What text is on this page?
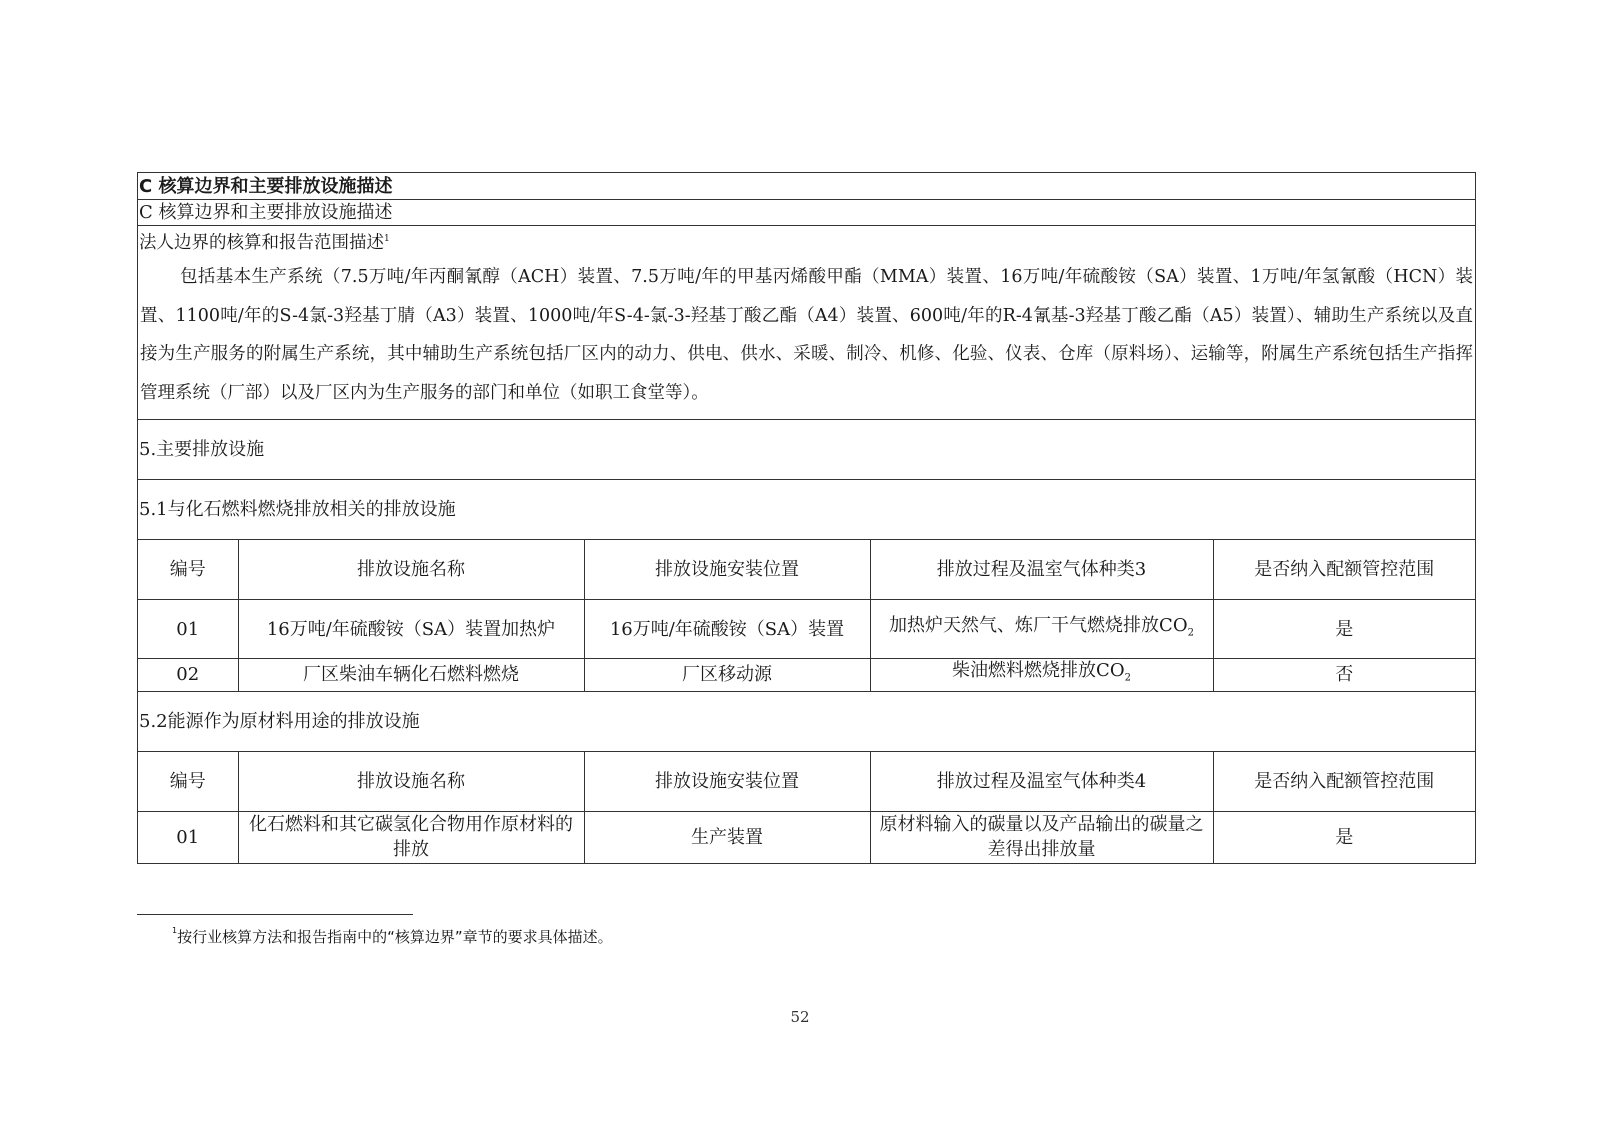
C 核算边界和主要排放设施描述
C 核算边界和主要排放设施描述
法人边界的核算和报告范围描述$^1$
包括基本生产系统（7.5万吨/年丙酮氰醇（ACH）装置、7.5万吨/年的甲基丙烯酸甲酯（MMA）装置、16万吨/年硫酸铵（SA）装置、1万吨/年氢氰酸（HCN）装置、1100吨/年的S-4氯-3羟基丁腈（A3）装置、1000吨/年S-4-氯-3-羟基丁酸乙酯（A4）装置、600吨/年的R-4氰基-3羟基丁酸乙酯（A5）装置）、辅助生产系统以及直接为生产服务的附属生产系统，其中辅助生产系统包括厂区内的动力、供电、供水、采暖、制冷、机修、化验、仪表、仓库（原料场）、运输等，附属生产系统包括生产指挥管理系统（厂部）以及厂区内为生产服务的部门和单位（如职工食堂等）。
5.主要排放设施
5.1与化石燃料燃烧排放相关的排放设施
编号	排放设施名称	排放设施安装位置	排放过程及温室气体种类3	是否纳入配额管控范围
01	16万吨/年硫酸铵（SA）装置加热炉	16万吨/年硫酸铵（SA）装置	加热炉天然气、炼厂干气燃烧排放$CO_2$	是
02	厂区柴油车辆化石燃料燃烧	厂区移动源	柴油燃料燃烧排放$CO_2$	否
5.2能源作为原材料用途的排放设施
编号	排放设施名称	排放设施安装位置	排放过程及温室气体种类4	是否纳入配额管控范围
01	化石燃料和其它碳氢化合物用作原材料的排放	生产装置	原材料输入的碳量以及产品输出的碳量之差得出排放量	是
$^1$按行业核算方法和报告指南中的“核算边界”章节的要求具体描述。
52
